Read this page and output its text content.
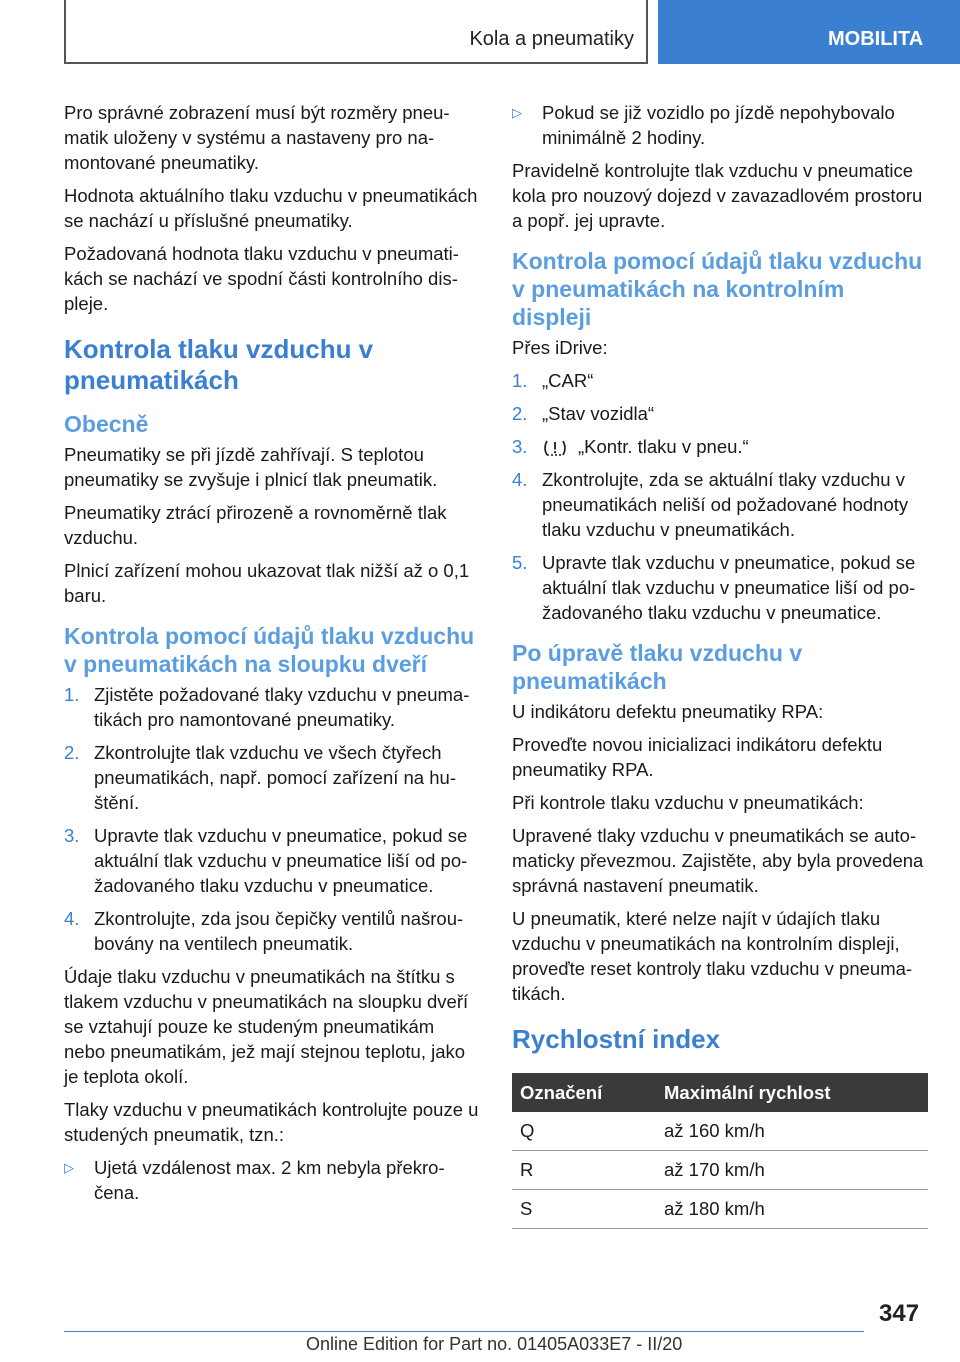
Kola a pneumatiky	MOBILITA

Pro správné zobrazení musí být rozměry pneumatik uloženy v systému a nastaveny pro namontované pneumatiky.

Hodnota aktuálního tlaku vzduchu v pneumatikách se nachází u příslušné pneumatiky.

Požadovaná hodnota tlaku vzduchu v pneumatikách se nachází ve spodní části kontrolního displeje.

Kontrola tlaku vzduchu v pneumatikách
Obecně

Pneumatiky se při jízdě zahřívají. S teplotou pneumatiky se zvyšuje i plnicí tlak pneumatik.

Pneumatiky ztrácí přirozeně a rovnoměrně tlak vzduchu.

Plnicí zařízení mohou ukazovat tlak nižší až o 0,1 baru.

Kontrola pomocí údajů tlaku vzduchu v pneumatikách na sloupku dveří
1. Zjistěte požadované tlaky vzduchu v pneumatikách pro namontované pneumatiky.
2. Zkontrolujte tlak vzduchu ve všech čtyřech pneumatikách, např. pomocí zařízení na huštění.
3. Upravte tlak vzduchu v pneumatice, pokud se aktuální tlak vzduchu v pneumatice liší od požadovaného tlaku vzduchu v pneumatice.
4. Zkontrolujte, zda jsou čepičky ventilů našroubovány na ventilech pneumatik.

Údaje tlaku vzduchu v pneumatikách na štítku s tlakem vzduchu v pneumatikách na sloupku dveří se vztahují pouze ke studeným pneumatikám nebo pneumatikám, jež mají stejnou teplotu, jako je teplota okolí.

Tlaky vzduchu v pneumatikách kontrolujte pouze u studených pneumatik, tzn.:

▷	Ujetá vzdálenost max. 2 km nebyla překročena.
▷	Pokud se již vozidlo po jízdě nepohybovalo minimálně 2 hodiny.

Pravidelně kontrolujte tlak vzduchu v pneumatice kola pro nouzový dojezd v zavazadlovém prostoru a popř. jej upravte.

Kontrola pomocí údajů tlaku vzduchu v pneumatikách na kontrolním displeji

Přes iDrive:

1. „CAR“
2. „Stav vozidla“
3.	„Kontr. tlaku v pneu.“
4. Zkontrolujte, zda se aktuální tlaky vzduchu v pneumatikách neliší od požadované hodnoty tlaku vzduchu v pneumatikách.
5. Upravte tlak vzduchu v pneumatice, pokud se aktuální tlak vzduchu v pneumatice liší od požadovaného tlaku vzduchu v pneumatice.
Po úpravě tlaku vzduchu v pneumatikách

U indikátoru defektu pneumatiky RPA:

Proveďte novou inicializaci indikátoru defektu pneumatiky RPA.

Při kontrole tlaku vzduchu v pneumatikách:

Upravené tlaky vzduchu v pneumatikách se automaticky převezmou. Zajistěte, aby byla provedena správná nastavení pneumatik.

U pneumatik, které nelze najít v údajích tlaku vzduchu v pneumatikách na kontrolním displeji, proveďte reset kontroly tlaku vzduchu v pneumatikách.

Rychlostní index
Označení	Maximální rychlost
Q	až 160 km/h
R	až 170 km/h
S	až 180 km/h
347
Online Edition for Part no. 01405A033E7 - II/20
